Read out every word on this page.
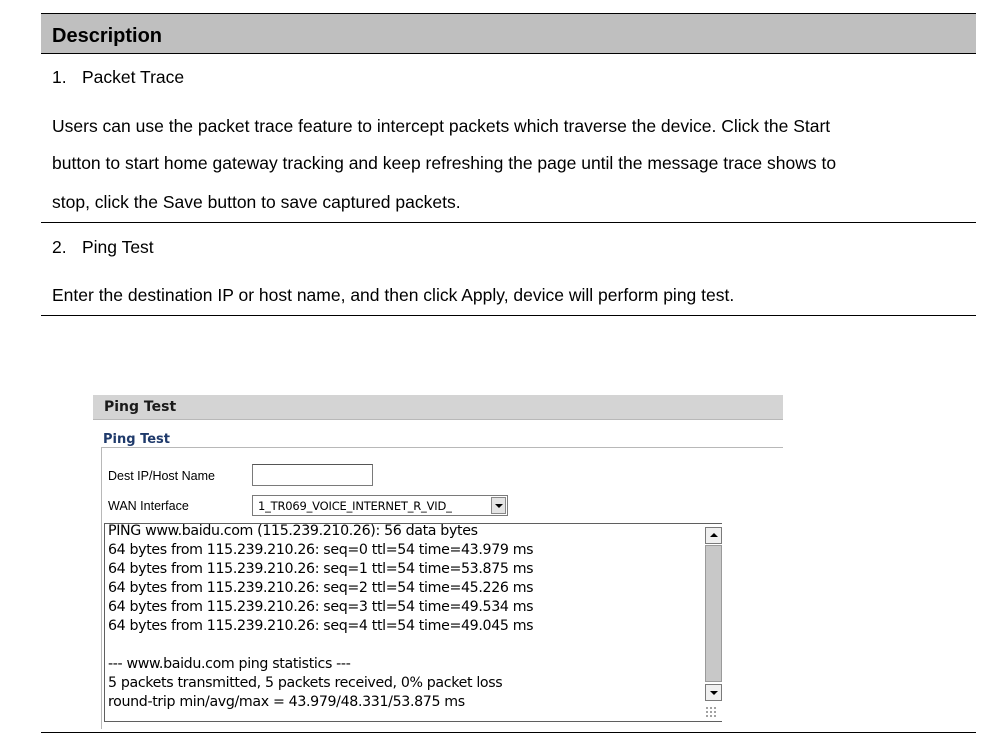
Description
1. Packet Trace
Users can use the packet trace feature to intercept packets which traverse the device. Click the Start
button to start home gateway tracking and keep refreshing the page until the message trace shows to
stop, click the Save button to save captured packets.
2. Ping Test
Enter the destination IP or host name, and then click Apply, device will perform ping test.
Ping Test
Ping Test
Dest IP/Host Name
WAN Interface	1_TR069_VOICE_INTERNET_R_VID_
PING www.baidu.com (115.239.210.26): 56 data bytes
64 bytes from 115.239.210.26: seq=0 ttl=54 time=43.979 ms
64 bytes from 115.239.210.26: seq=1 ttl=54 time=53.875 ms
64 bytes from 115.239.210.26: seq=2 ttl=54 time=45.226 ms
64 bytes from 115.239.210.26: seq=3 ttl=54 time=49.534 ms
64 bytes from 115.239.210.26: seq=4 ttl=54 time=49.045 ms
--- www.baidu.com ping statistics ---
5 packets transmitted, 5 packets received, 0% packet loss
round-trip min/avg/max = 43.979/48.331/53.875 ms
